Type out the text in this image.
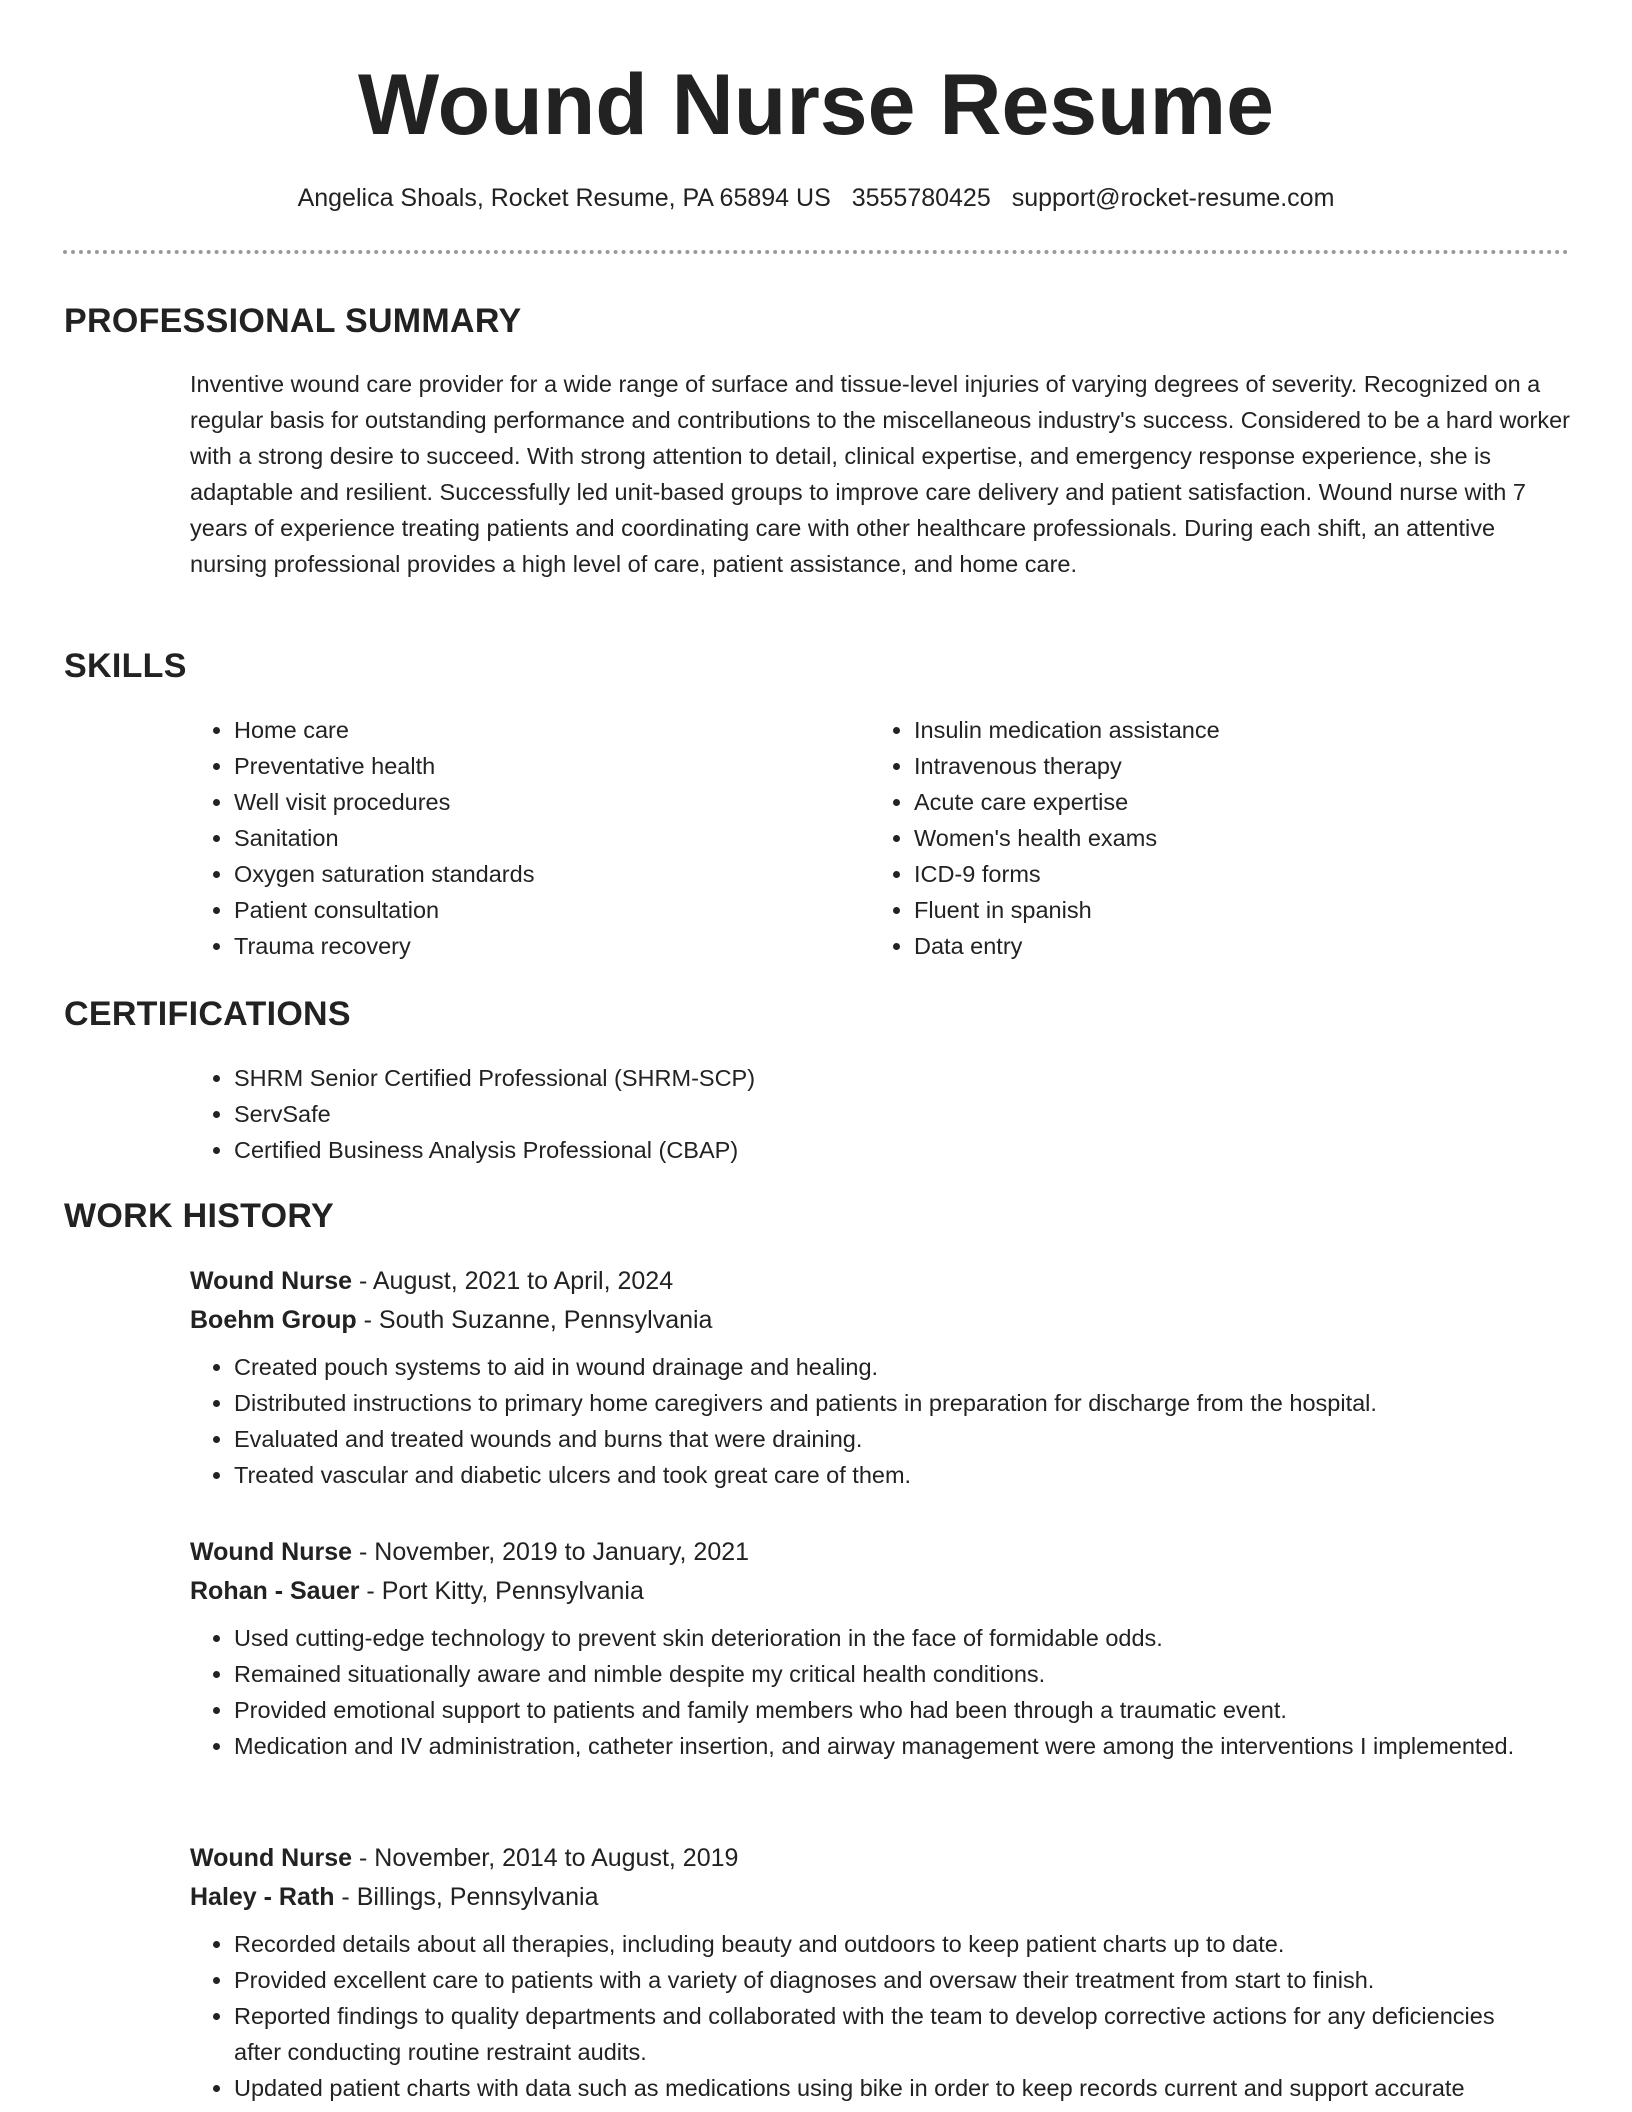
Wound Nurse Resume
Angelica Shoals, Rocket Resume, PA 65894 US 3555780425 support@rocket-resume.com
PROFESSIONAL SUMMARY

Inventive wound care provider for a wide range of surface and tissue-level injuries of varying degrees of severity. Recognized on a regular basis for outstanding performance and contributions to the miscellaneous industry's success. Considered to be a hard worker with a strong desire to succeed. With strong attention to detail, clinical expertise, and emergency response experience, she is adaptable and resilient. Successfully led unit-based groups to improve care delivery and patient satisfaction. Wound nurse with 7 years of experience treating patients and coordinating care with other healthcare professionals. During each shift, an attentive nursing professional provides a high level of care, patient assistance, and home care.

SKILLS
• Home care
• Preventative health
• Well visit procedures
• Sanitation
• Oxygen saturation standards
• Patient consultation
• Trauma recovery
• Insulin medication assistance
• Intravenous therapy
• Acute care expertise
• Women's health exams
• ICD-9 forms
• Fluent in spanish
• Data entry
CERTIFICATIONS
• SHRM Senior Certified Professional (SHRM-SCP)
• ServSafe
• Certified Business Analysis Professional (CBAP)
WORK HISTORY
Wound Nurse - August, 2021 to April, 2024
Boehm Group - South Suzanne, Pennsylvania
• Created pouch systems to aid in wound drainage and healing.
• Distributed instructions to primary home caregivers and patients in preparation for discharge from the hospital.
• Evaluated and treated wounds and burns that were draining.
• Treated vascular and diabetic ulcers and took great care of them.
Wound Nurse - November, 2019 to January, 2021
Rohan - Sauer - Port Kitty, Pennsylvania
• Used cutting-edge technology to prevent skin deterioration in the face of formidable odds.
• Remained situationally aware and nimble despite my critical health conditions.
• Provided emotional support to patients and family members who had been through a traumatic event.
• Medication and IV administration, catheter insertion, and airway management were among the interventions I implemented.
Wound Nurse - November, 2014 to August, 2019
Haley - Rath - Billings, Pennsylvania
• Recorded details about all therapies, including beauty and outdoors to keep patient charts up to date.
• Provided excellent care to patients with a variety of diagnoses and oversaw their treatment from start to finish.
• Reported findings to quality departments and collaborated with the team to develop corrective actions for any deficiencies after conducting routine restraint audits.
• Updated patient charts with data such as medications using bike in order to keep records current and support accurate
